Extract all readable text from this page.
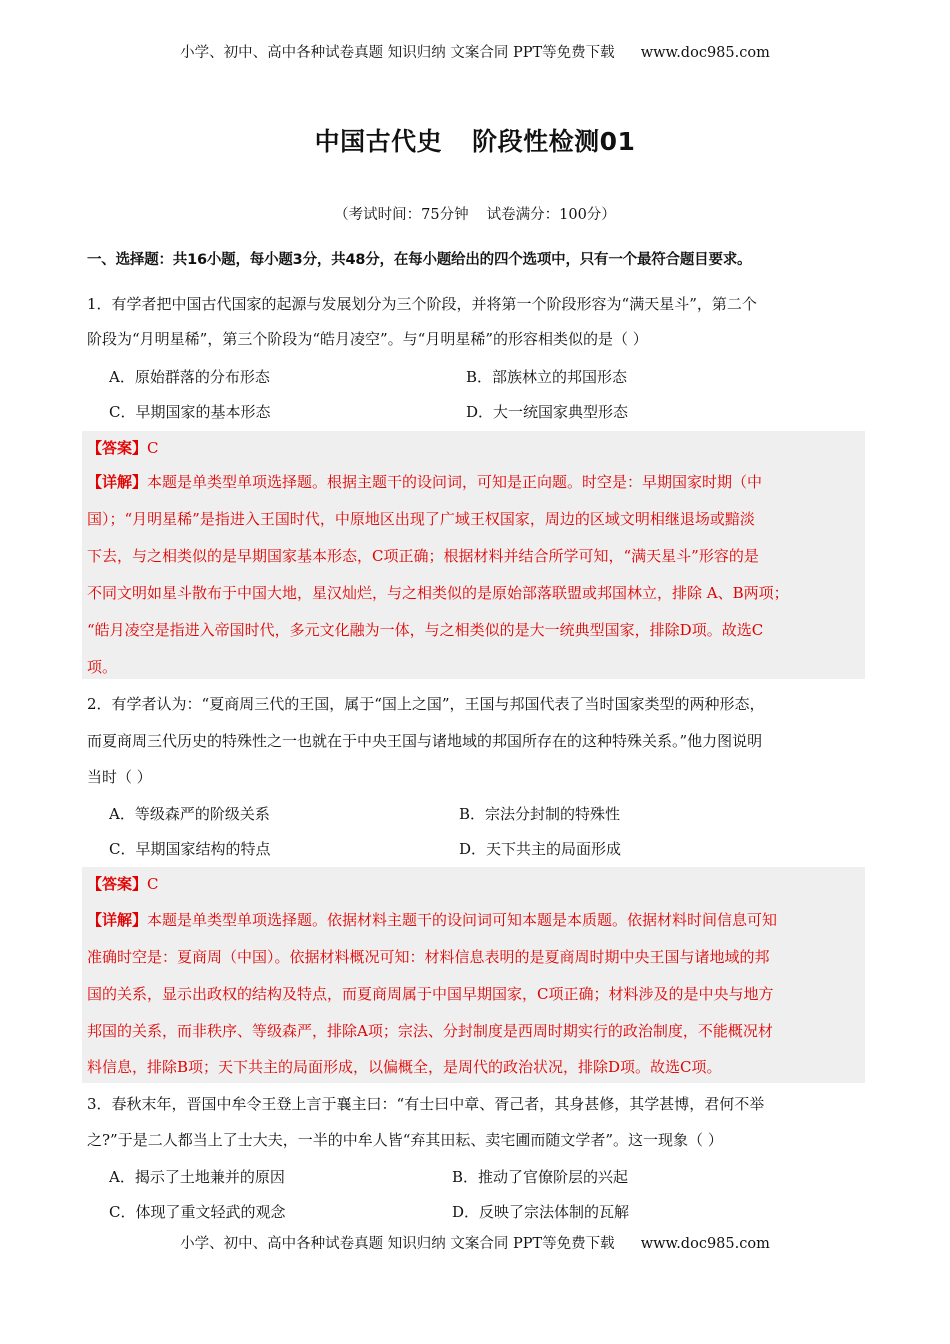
小学、初中、高中各种试卷真题 知识归纳 文案合同 PPT等免费下载 www.doc985.com
中国古代史 阶段性检测01
（考试时间：75分钟 试卷满分：100分）
一、选择题：共16小题，每小题3分，共48分，在每小题给出的四个选项中，只有一个最符合题目要求。
1．有学者把中国古代国家的起源与发展划分为三个阶段，并将第一个阶段形容为“满天星斗”，第二个
阶段为“月明星稀”，第三个阶段为“皓月凌空”。与“月明星稀”的形容相类似的是（ ）
A．原始群落的分布形态	B．部族林立的邦国形态
C．早期国家的基本形态	D．大一统国家典型形态
【答案】C
【详解】本题是单类型单项选择题。根据主题干的设问词，可知是正向题。时空是：早期国家时期（中
国）；“月明星稀”是指进入王国时代，中原地区出现了广域王权国家，周边的区域文明相继退场或黯淡
下去，与之相类似的是早期国家基本形态，C项正确；根据材料并结合所学可知，“满天星斗”形容的是
不同文明如星斗散布于中国大地，星汉灿烂，与之相类似的是原始部落联盟或邦国林立，排除 A、B两项；
“皓月凌空是指进入帝国时代，多元文化融为一体，与之相类似的是大一统典型国家，排除D项。故选C
项。
2．有学者认为：“夏商周三代的王国，属于“国上之国”，王国与邦国代表了当时国家类型的两种形态，
而夏商周三代历史的特殊性之一也就在于中央王国与诸地域的邦国所存在的这种特殊关系。”他力图说明
当时（ ）
A．等级森严的阶级关系	B．宗法分封制的特殊性
C．早期国家结构的特点	D．天下共主的局面形成
【答案】C
【详解】本题是单类型单项选择题。依据材料主题干的设问词可知本题是本质题。依据材料时间信息可知
准确时空是：夏商周（中国）。依据材料概况可知：材料信息表明的是夏商周时期中央王国与诸地域的邦
国的关系，显示出政权的结构及特点，而夏商周属于中国早期国家，C项正确；材料涉及的是中央与地方
邦国的关系，而非秩序、等级森严，排除A项；宗法、分封制度是西周时期实行的政治制度，不能概况材
料信息，排除B项；天下共主的局面形成，以偏概全，是周代的政治状况，排除D项。故选C项。
3．春秋末年，晋国中牟令王登上言于襄主曰：“有士曰中章、胥己者，其身甚修，其学甚博，君何不举
之?”于是二人都当上了士大夫，一半的中牟人皆“弃其田耘、卖宅圃而随文学者”。这一现象（ ）
A．揭示了土地兼并的原因	B．推动了官僚阶层的兴起
C．体现了重文轻武的观念	D．反映了宗法体制的瓦解
小学、初中、高中各种试卷真题 知识归纳 文案合同 PPT等免费下载 www.doc985.com
